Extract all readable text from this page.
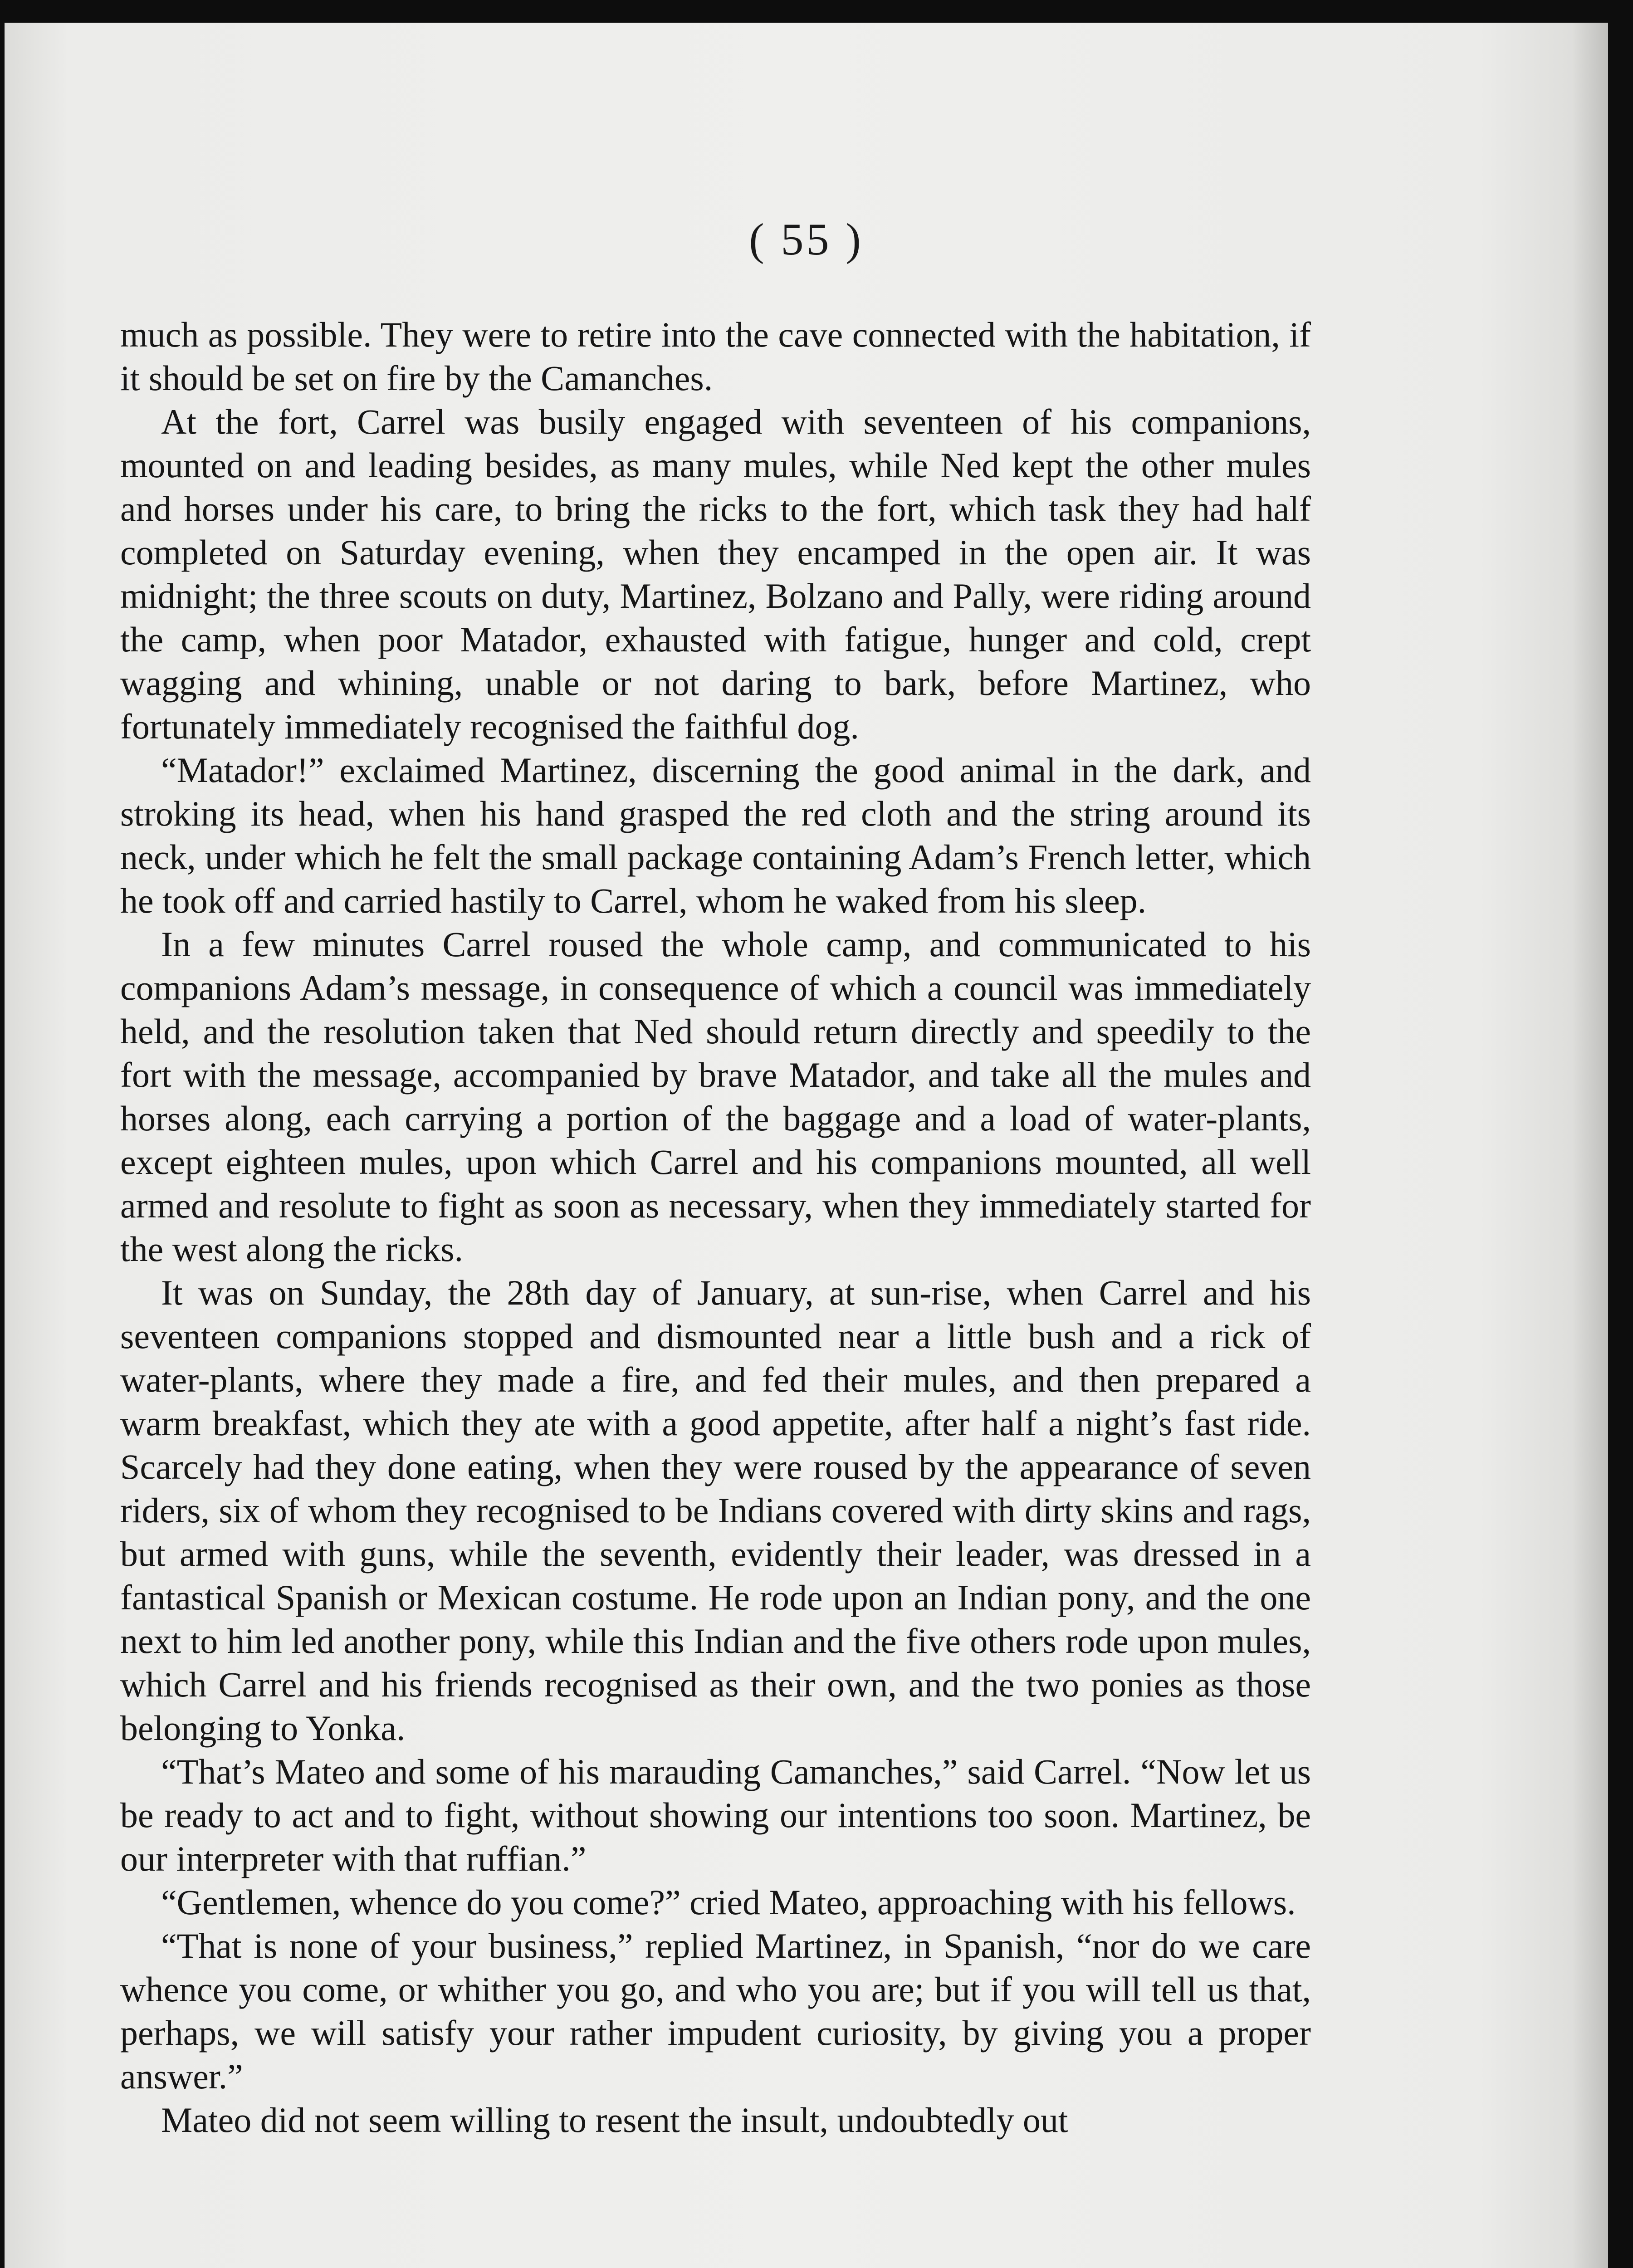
( 55 )

much as possible. They were to retire into the cave connected with the habitation, if it should be set on fire by the Camanches.

At the fort, Carrel was busily engaged with seventeen of his companions, mounted on and leading besides, as many mules, while Ned kept the other mules and horses under his care, to bring the ricks to the fort, which task they had half completed on Saturday evening, when they encamped in the open air. It was midnight; the three scouts on duty, Martinez, Bolzano and Pally, were riding around the camp, when poor Matador, exhausted with fatigue, hunger and cold, crept wagging and whining, unable or not daring to bark, before Martinez, who fortunately immediately recognised the faithful dog.

“Matador!” exclaimed Martinez, discerning the good animal in the dark, and stroking its head, when his hand grasped the red cloth and the string around its neck, under which he felt the small package containing Adam’s French letter, which he took off and carried hastily to Carrel, whom he waked from his sleep.

In a few minutes Carrel roused the whole camp, and communicated to his companions Adam’s message, in consequence of which a council was immediately held, and the resolution taken that Ned should return directly and speedily to the fort with the message, accompanied by brave Matador, and take all the mules and horses along, each carrying a portion of the baggage and a load of water-plants, except eighteen mules, upon which Carrel and his companions mounted, all well armed and resolute to fight as soon as necessary, when they immediately started for the west along the ricks.

It was on Sunday, the 28th day of January, at sun-rise, when Carrel and his seventeen companions stopped and dismounted near a little bush and a rick of water-plants, where they made a fire, and fed their mules, and then prepared a warm breakfast, which they ate with a good appetite, after half a night’s fast ride. Scarcely had they done eating, when they were roused by the appearance of seven riders, six of whom they recognised to be Indians covered with dirty skins and rags, but armed with guns, while the seventh, evidently their leader, was dressed in a fantastical Spanish or Mexican costume. He rode upon an Indian pony, and the one next to him led another pony, while this Indian and the five others rode upon mules, which Carrel and his friends recognised as their own, and the two ponies as those belonging to Yonka.

“That’s Mateo and some of his marauding Camanches,” said Carrel. “Now let us be ready to act and to fight, without showing our intentions too soon. Martinez, be our interpreter with that ruffian.”

“Gentlemen, whence do you come?” cried Mateo, approaching with his fellows.

“That is none of your business,” replied Martinez, in Spanish, “nor do we care whence you come, or whither you go, and who you are; but if you will tell us that, perhaps, we will satisfy your rather impudent curiosity, by giving you a proper answer.”

Mateo did not seem willing to resent the insult, undoubtedly out
